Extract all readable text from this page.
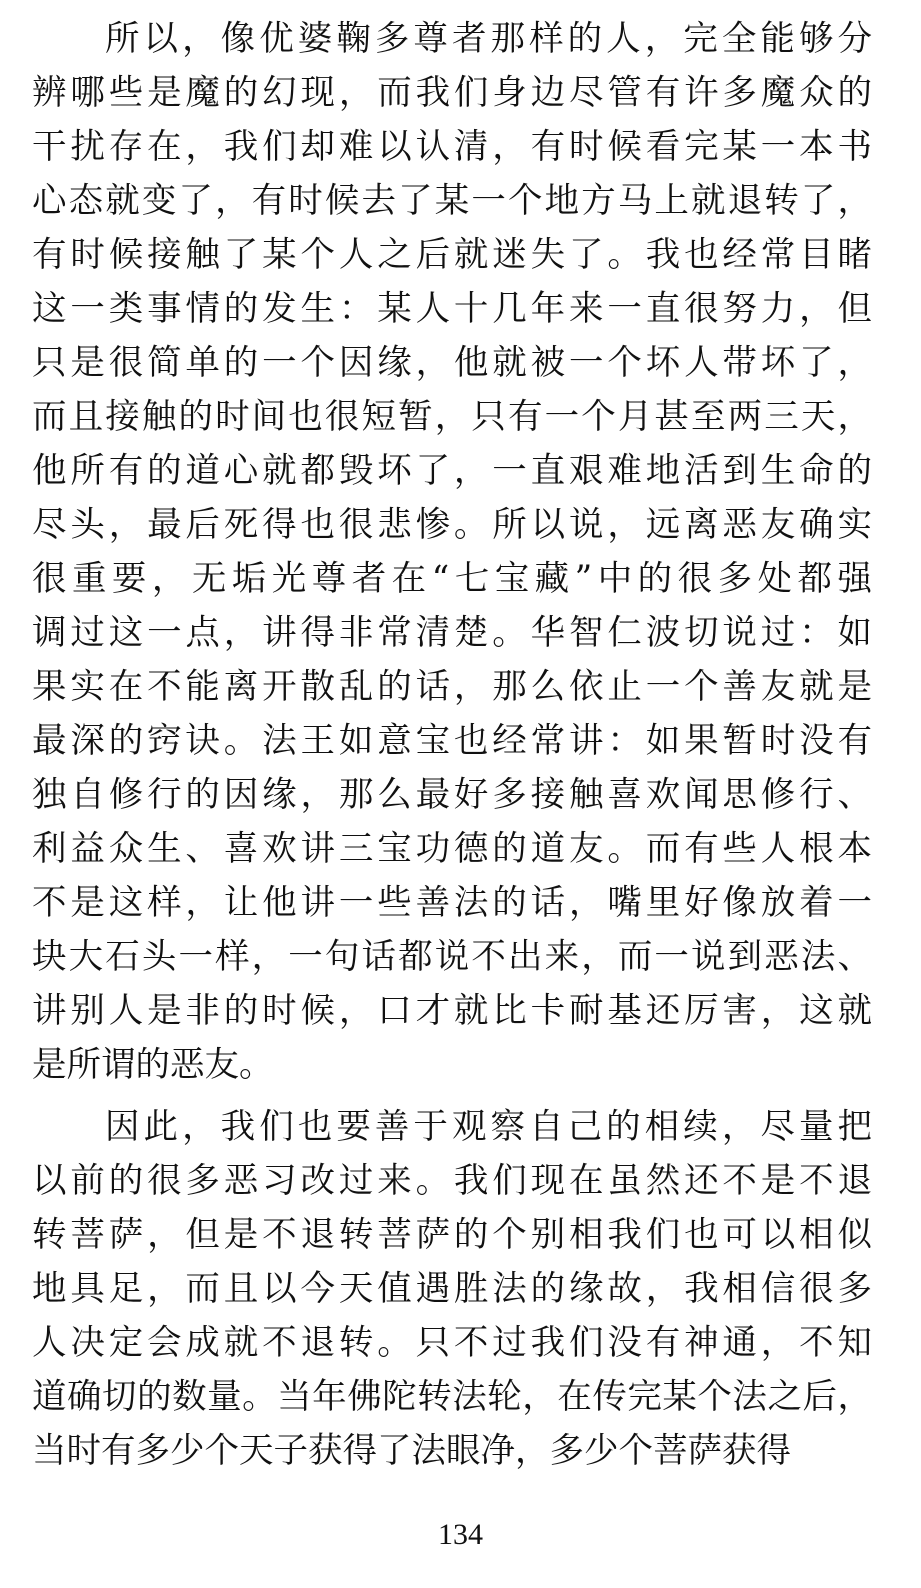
所以，像优婆鞠多尊者那样的人，完全能够分
辨哪些是魔的幻现，而我们身边尽管有许多魔众的
干扰存在，我们却难以认清，有时候看完某一本书
心态就变了，有时候去了某一个地方马上就退转了，
有时候接触了某个人之后就迷失了。我也经常目睹
这一类事情的发生：某人十几年来一直很努力，但
只是很简单的一个因缘，他就被一个坏人带坏了，
而且接触的时间也很短暂，只有一个月甚至两三天，
他所有的道心就都毁坏了，一直艰难地活到生命的
尽头，最后死得也很悲惨。所以说，远离恶友确实
很重要，无垢光尊者在“七宝藏”中的很多处都强
调过这一点，讲得非常清楚。华智仁波切说过：如
果实在不能离开散乱的话，那么依止一个善友就是
最深的窍诀。法王如意宝也经常讲：如果暂时没有
独自修行的因缘，那么最好多接触喜欢闻思修行、
利益众生、喜欢讲三宝功德的道友。而有些人根本
不是这样，让他讲一些善法的话，嘴里好像放着一
块大石头一样，一句话都说不出来，而一说到恶法、
讲别人是非的时候，口才就比卡耐基还厉害，这就
是所谓的恶友。
因此，我们也要善于观察自己的相续，尽量把
以前的很多恶习改过来。我们现在虽然还不是不退
转菩萨，但是不退转菩萨的个别相我们也可以相似
地具足，而且以今天值遇胜法的缘故，我相信很多
人决定会成就不退转。只不过我们没有神通，不知
道确切的数量。当年佛陀转法轮，在传完某个法之后，
当时有多少个天子获得了法眼净，多少个菩萨获得
134
